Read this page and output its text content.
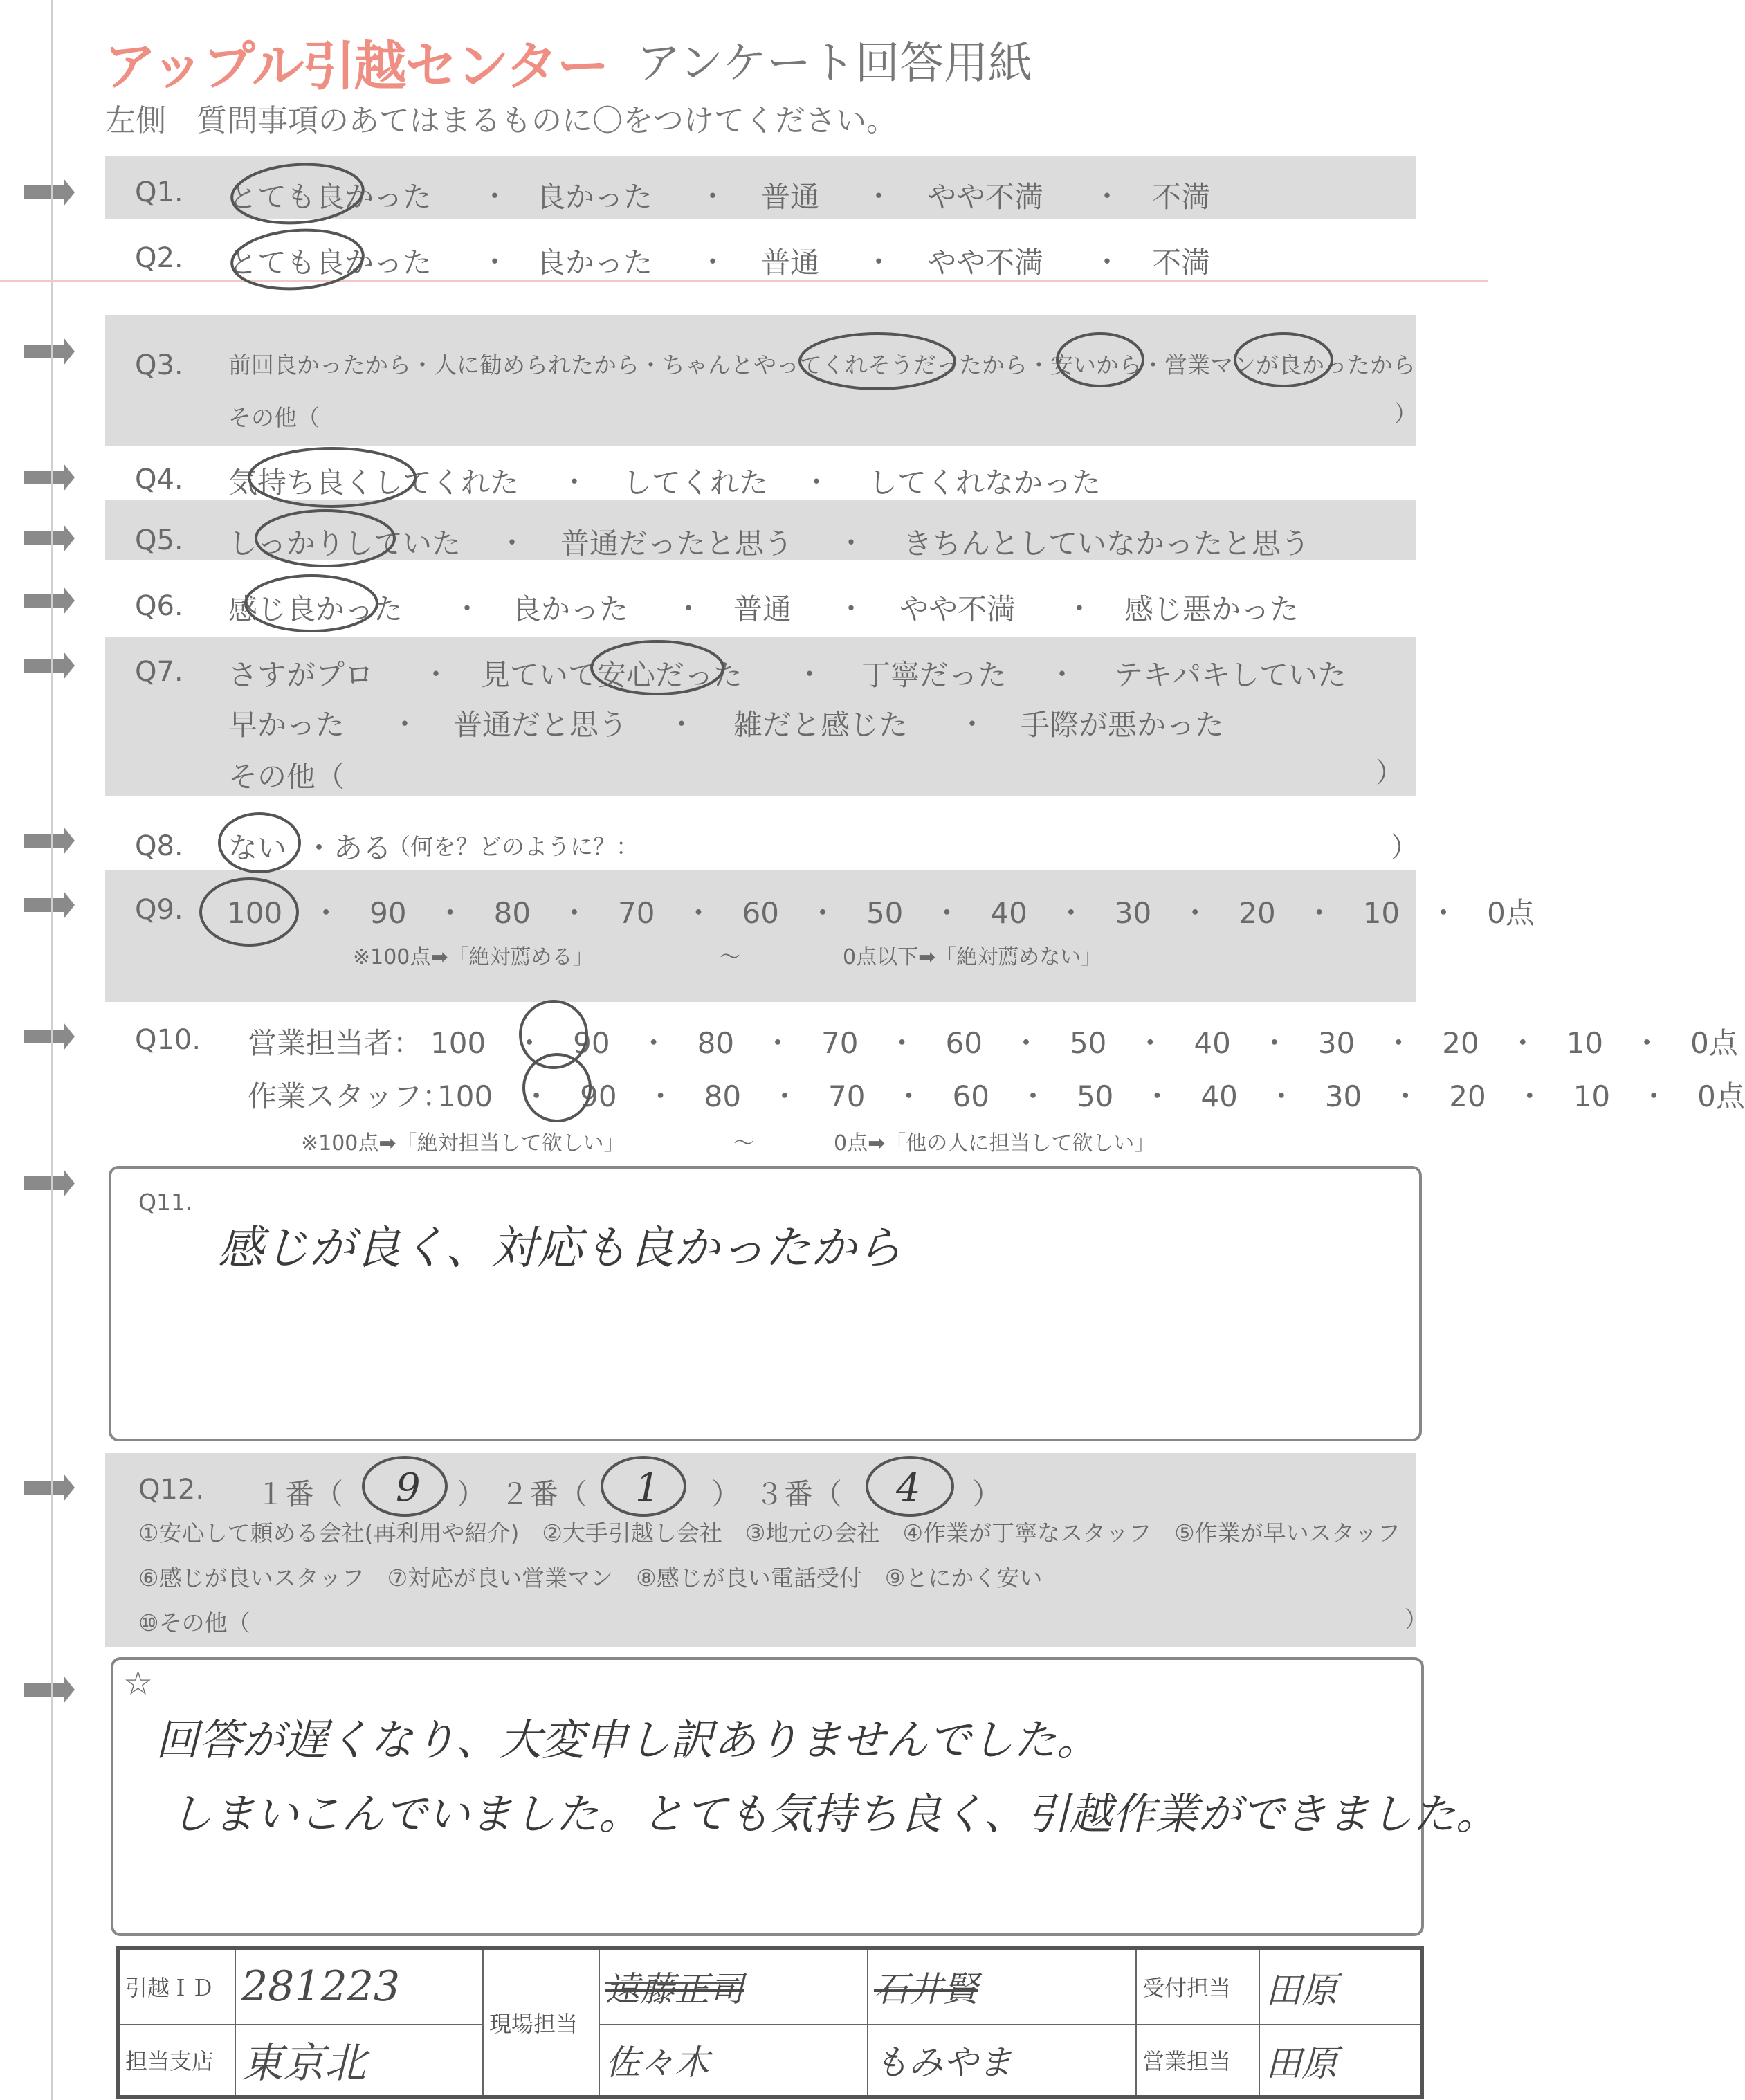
アップル引越センター アンケート回答用紙
左側　質問事項のあてはまるものに〇をつけてください。
Q1. とても良かった ・ 良かった ・ 普通 ・ やや不満 ・ 不満
Q2. とても良かった ・ 良かった ・ 普通 ・ やや不満 ・ 不満
Q3. 前回良かったから・人に勧められたから・ちゃんとやってくれそうだったから・安いから・営業マンが良かったから
その他（	）
Q4. 気持ち良くしてくれた ・ してくれた ・ してくれなかった
Q5. しっかりしていた ・ 普通だったと思う ・ きちんとしていなかったと思う
Q6. 感じ良かった ・ 良かった ・ 普通 ・ やや不満 ・ 感じ悪かった
Q7. さすがプロ ・ 見ていて安心だった ・ 丁寧だった ・ テキパキしていた
早かった ・ 普通だと思う ・ 雑だと感じた ・ 手際が悪かった
その他（	）
Q8. ない ・ある
（何を？どのように？：	）
Q9. 100　・　90　・　80　・　70　・　60　・　50　・　40　・　30　・　20　・　10　・　0点
※100点➡「絶対薦める」	～	0点以下➡「絶対薦めない」
Q10. 営業担当者： 100　・　90　・　80　・　70　・　60　・　50　・　40　・　30　・　20　・　10　・　0点
作業スタッフ：
100　・　90　・　80　・　70　・　60　・　50　・　40　・　30　・　20　・　10　・　0点
※100点➡「絶対担当して欲しい」	～	0点➡「他の人に担当して欲しい」
Q11.
感じが良く、対応も良かったから
Q12. １番（ 9 ）　２番（ 1 ）　３番（ 4 ）
①安心して頼める会社(再利用や紹介)　②大手引越し会社　③地元の会社　④作業が丁寧なスタッフ　⑤作業が早いスタッフ
⑥感じが良いスタッフ　⑦対応が良い営業マン　⑧感じが良い電話受付　⑨とにかく安い
⑩その他（	）
☆
回答が遅くなり、大変申し訳ありませんでした。
しまいこんでいました。とても気持ち良く、引越作業ができました。
引越ＩＤ	281223	現場担当	遠藤正司	石井賢	受付担当	田原
担当支店	東京北		佐々木	もみやま	営業担当	田原
